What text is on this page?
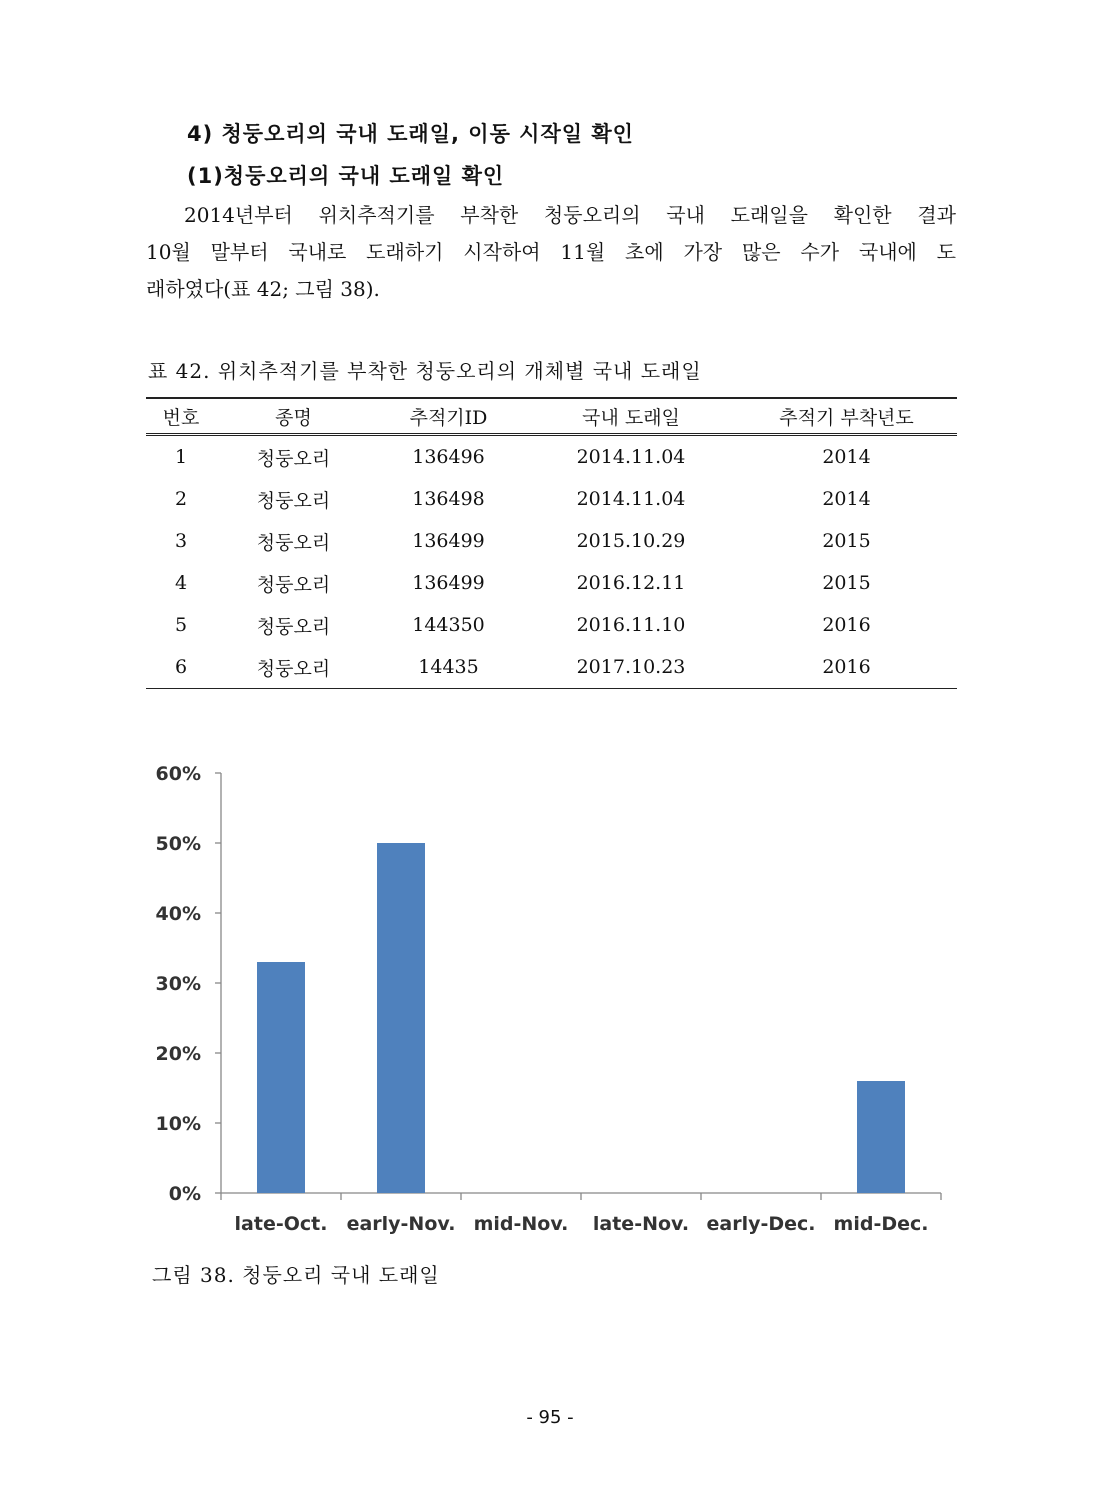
4) 청둥오리의 국내 도래일, 이동 시작일 확인
(1)청둥오리의 국내 도래일 확인

2014년부터 위치추적기를 부착한 청둥오리의 국내 도래일을 확인한 결과

10월 말부터 국내로 도래하기 시작하여 11월 초에 가장 많은 수가 국내에 도

래하였다(표 42; 그림 38).

표 42. 위치추적기를 부착한 청둥오리의 개체별 국내 도래일
번호	종명	추적기ID	국내 도래일	추적기 부착년도
1	청둥오리	136496	2014.11.04	2014
2	청둥오리	136498	2014.11.04	2014
3	청둥오리	136499	2015.10.29	2015
4	청둥오리	136499	2016.12.11	2015
5	청둥오리	144350	2016.11.10	2016
6	청둥오리	14435	2017.10.23	2016
0%
10%
20%
30%
40%
50%
60%
late-Oct. early-Nov. mid-Nov. late-Nov. early-Dec. mid-Dec.
그림 38. 청둥오리 국내 도래일
- 95 -
